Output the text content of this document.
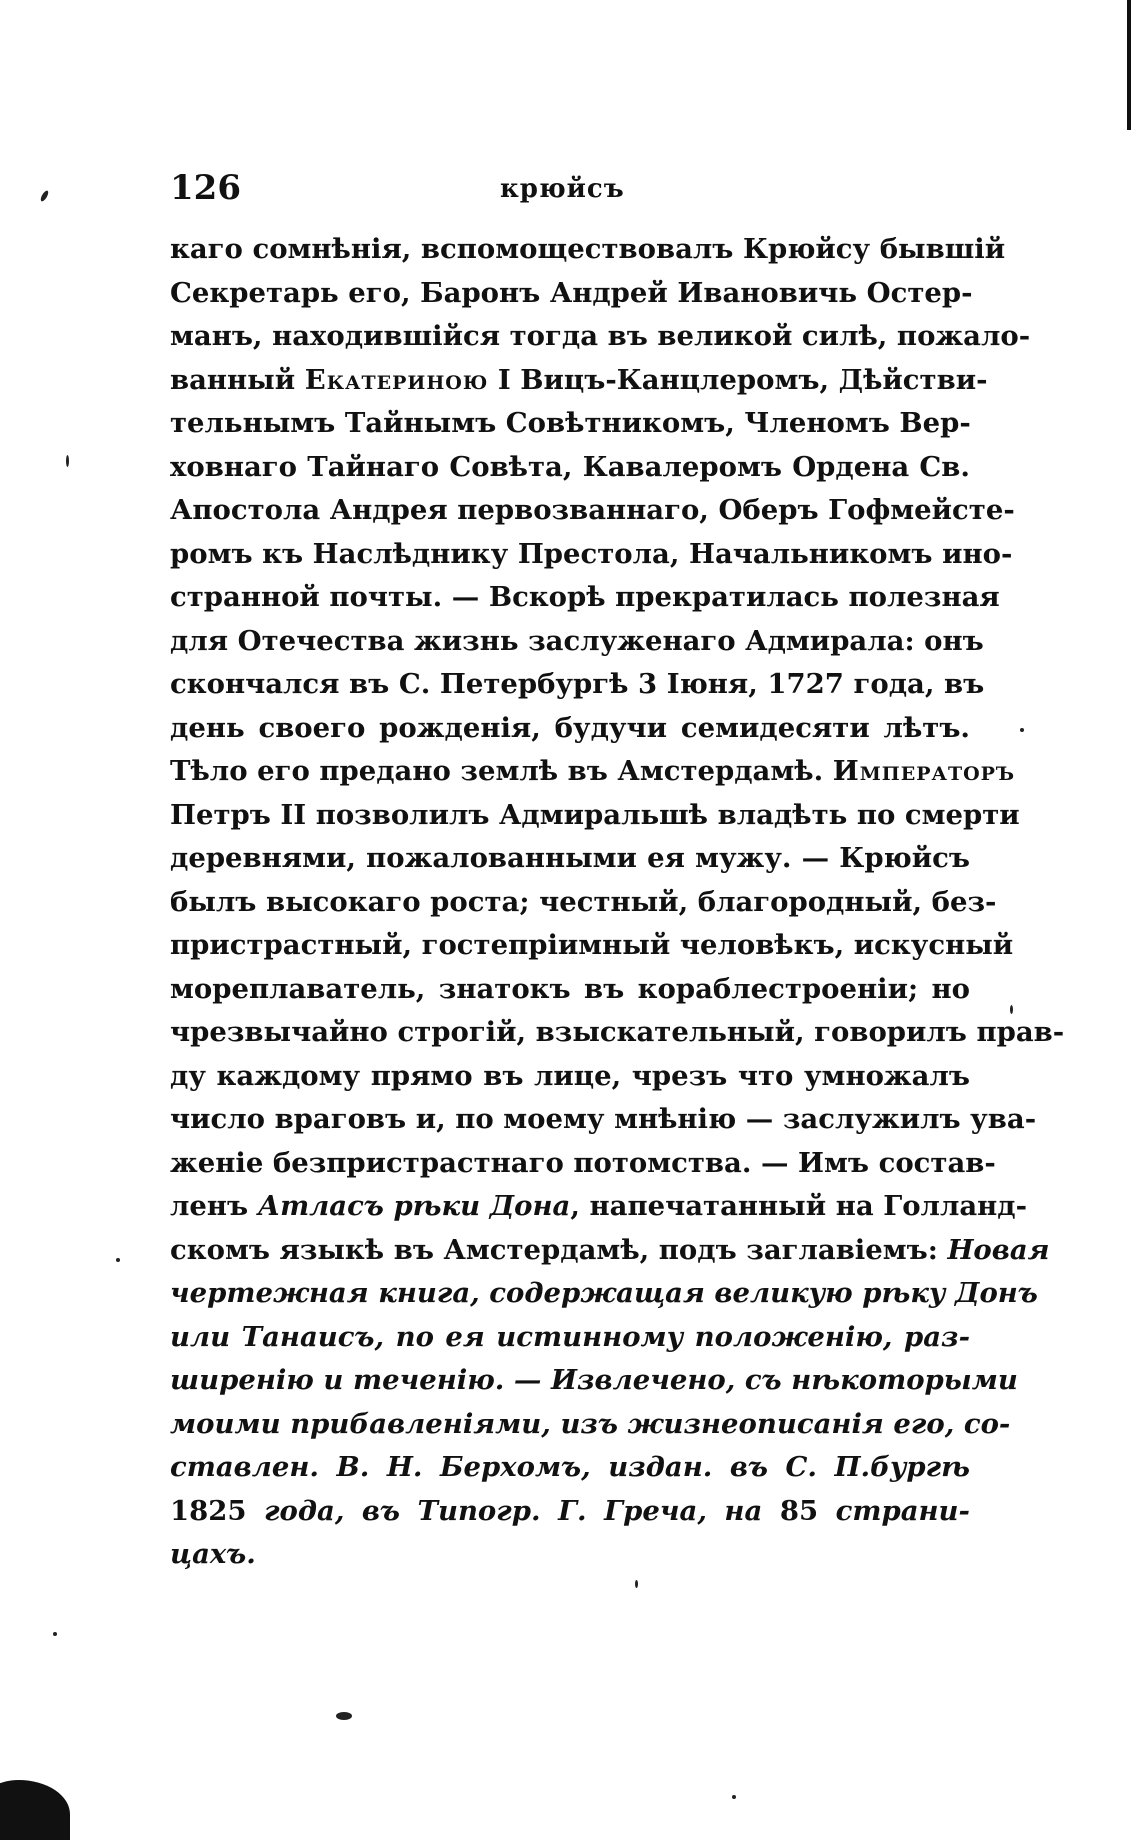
126	крюйсъ
каго сомнѣнія, вспомоществовалъ Крюйсу бывшій
Секретарь его, Баронъ Андрей Ивановичь Остер-
манъ, находившійся тогда въ великой силѣ, пожало-
ванный Екатериною I Вицъ-Канцлеромъ, Дѣйстви-
тельнымъ Тайнымъ Совѣтникомъ, Членомъ Вер-
ховнаго Тайнаго Совѣта, Кавалеромъ Ордена Св.
Апостола Андрея первозваннаго, Оберъ Гофмейсте-
ромъ къ Наслѣднику Престола, Начальникомъ ино-
странной почты. — Вскорѣ прекратилась полезная
для Отечества жизнь заслуженаго Адмирала: онъ
скончался въ С. Петербургѣ 3 Іюня, 1727 года, въ
день своего рожденія, будучи семидесяти лѣтъ.
Тѣло его предано землѣ въ Амстердамѣ. Императоръ
Петръ II позволилъ Адмиральшѣ владѣть по смерти
деревнями, пожалованными ея мужу. — Крюйсъ
былъ высокаго роста; честный, благородный, без-
пристрастный, гостепріимный человѣкъ, искусный
мореплаватель, знатокъ въ кораблестроеніи; но
чрезвычайно строгій, взыскательный, говорилъ прав-
ду каждому прямо въ лице, чрезъ что умножалъ
число враговъ и, по моему мнѣнію — заслужилъ ува-
женіе безпристрастнаго потомства. — Имъ состав-
ленъ Атласъ рѣки Дона, напечатанный на Голланд-
скомъ языкѣ въ Амстердамѣ, подъ заглавіемъ: Новая
чертежная книга, содержащая великую рѣку Донъ
или Танаисъ, по ея истинному положенію, раз-
ширенію и теченію. — Извлечено, съ нѣкоторыми
моими прибавленіями, изъ жизнеописанія его, со-
ставлен. В. Н. Берхомъ, издан. въ С. П.бургѣ
1825 года, въ Типогр. Г. Греча, на 85 страни-
цахъ.
